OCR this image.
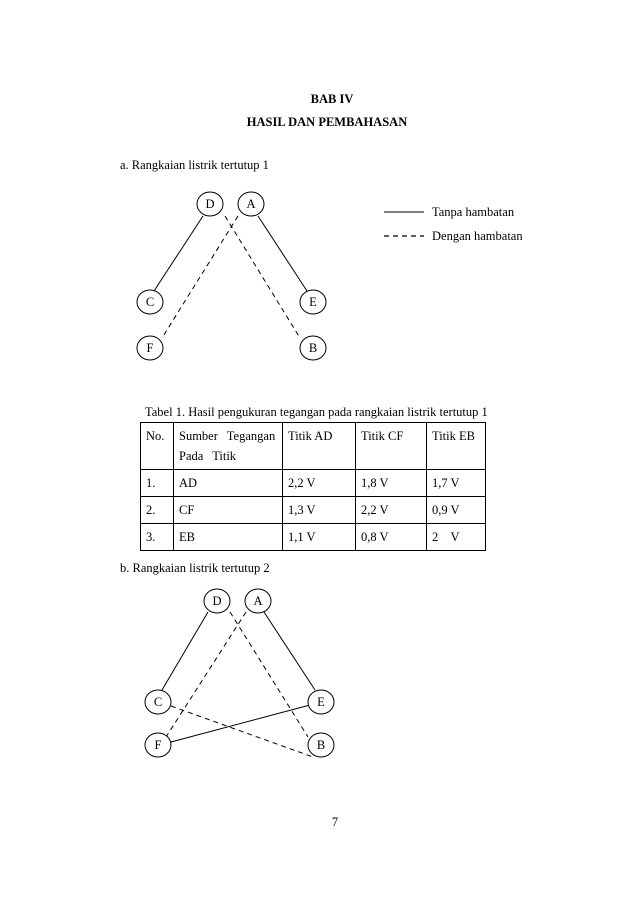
BAB IV
HASIL DAN PEMBAHASAN
a. Rangkaian listrik tertutup 1
D	A
C	E
F	B
Tanpa hambatan
Dengan hambatan
Tabel 1. Hasil pengukuran tegangan pada rangkaian listrik tertutup 1
No.	Sumber Tegangan Pada Titik	Titik AD	Titik CF	Titik EB
1.	AD	2,2 V	1,8 V	1,7 V
2.	CF	1,3 V	2,2 V	0,9 V
3.	EB	1,1 V	0,8 V	2    V
b. Rangkaian listrik tertutup 2
D	A
C	E
F	B
7
